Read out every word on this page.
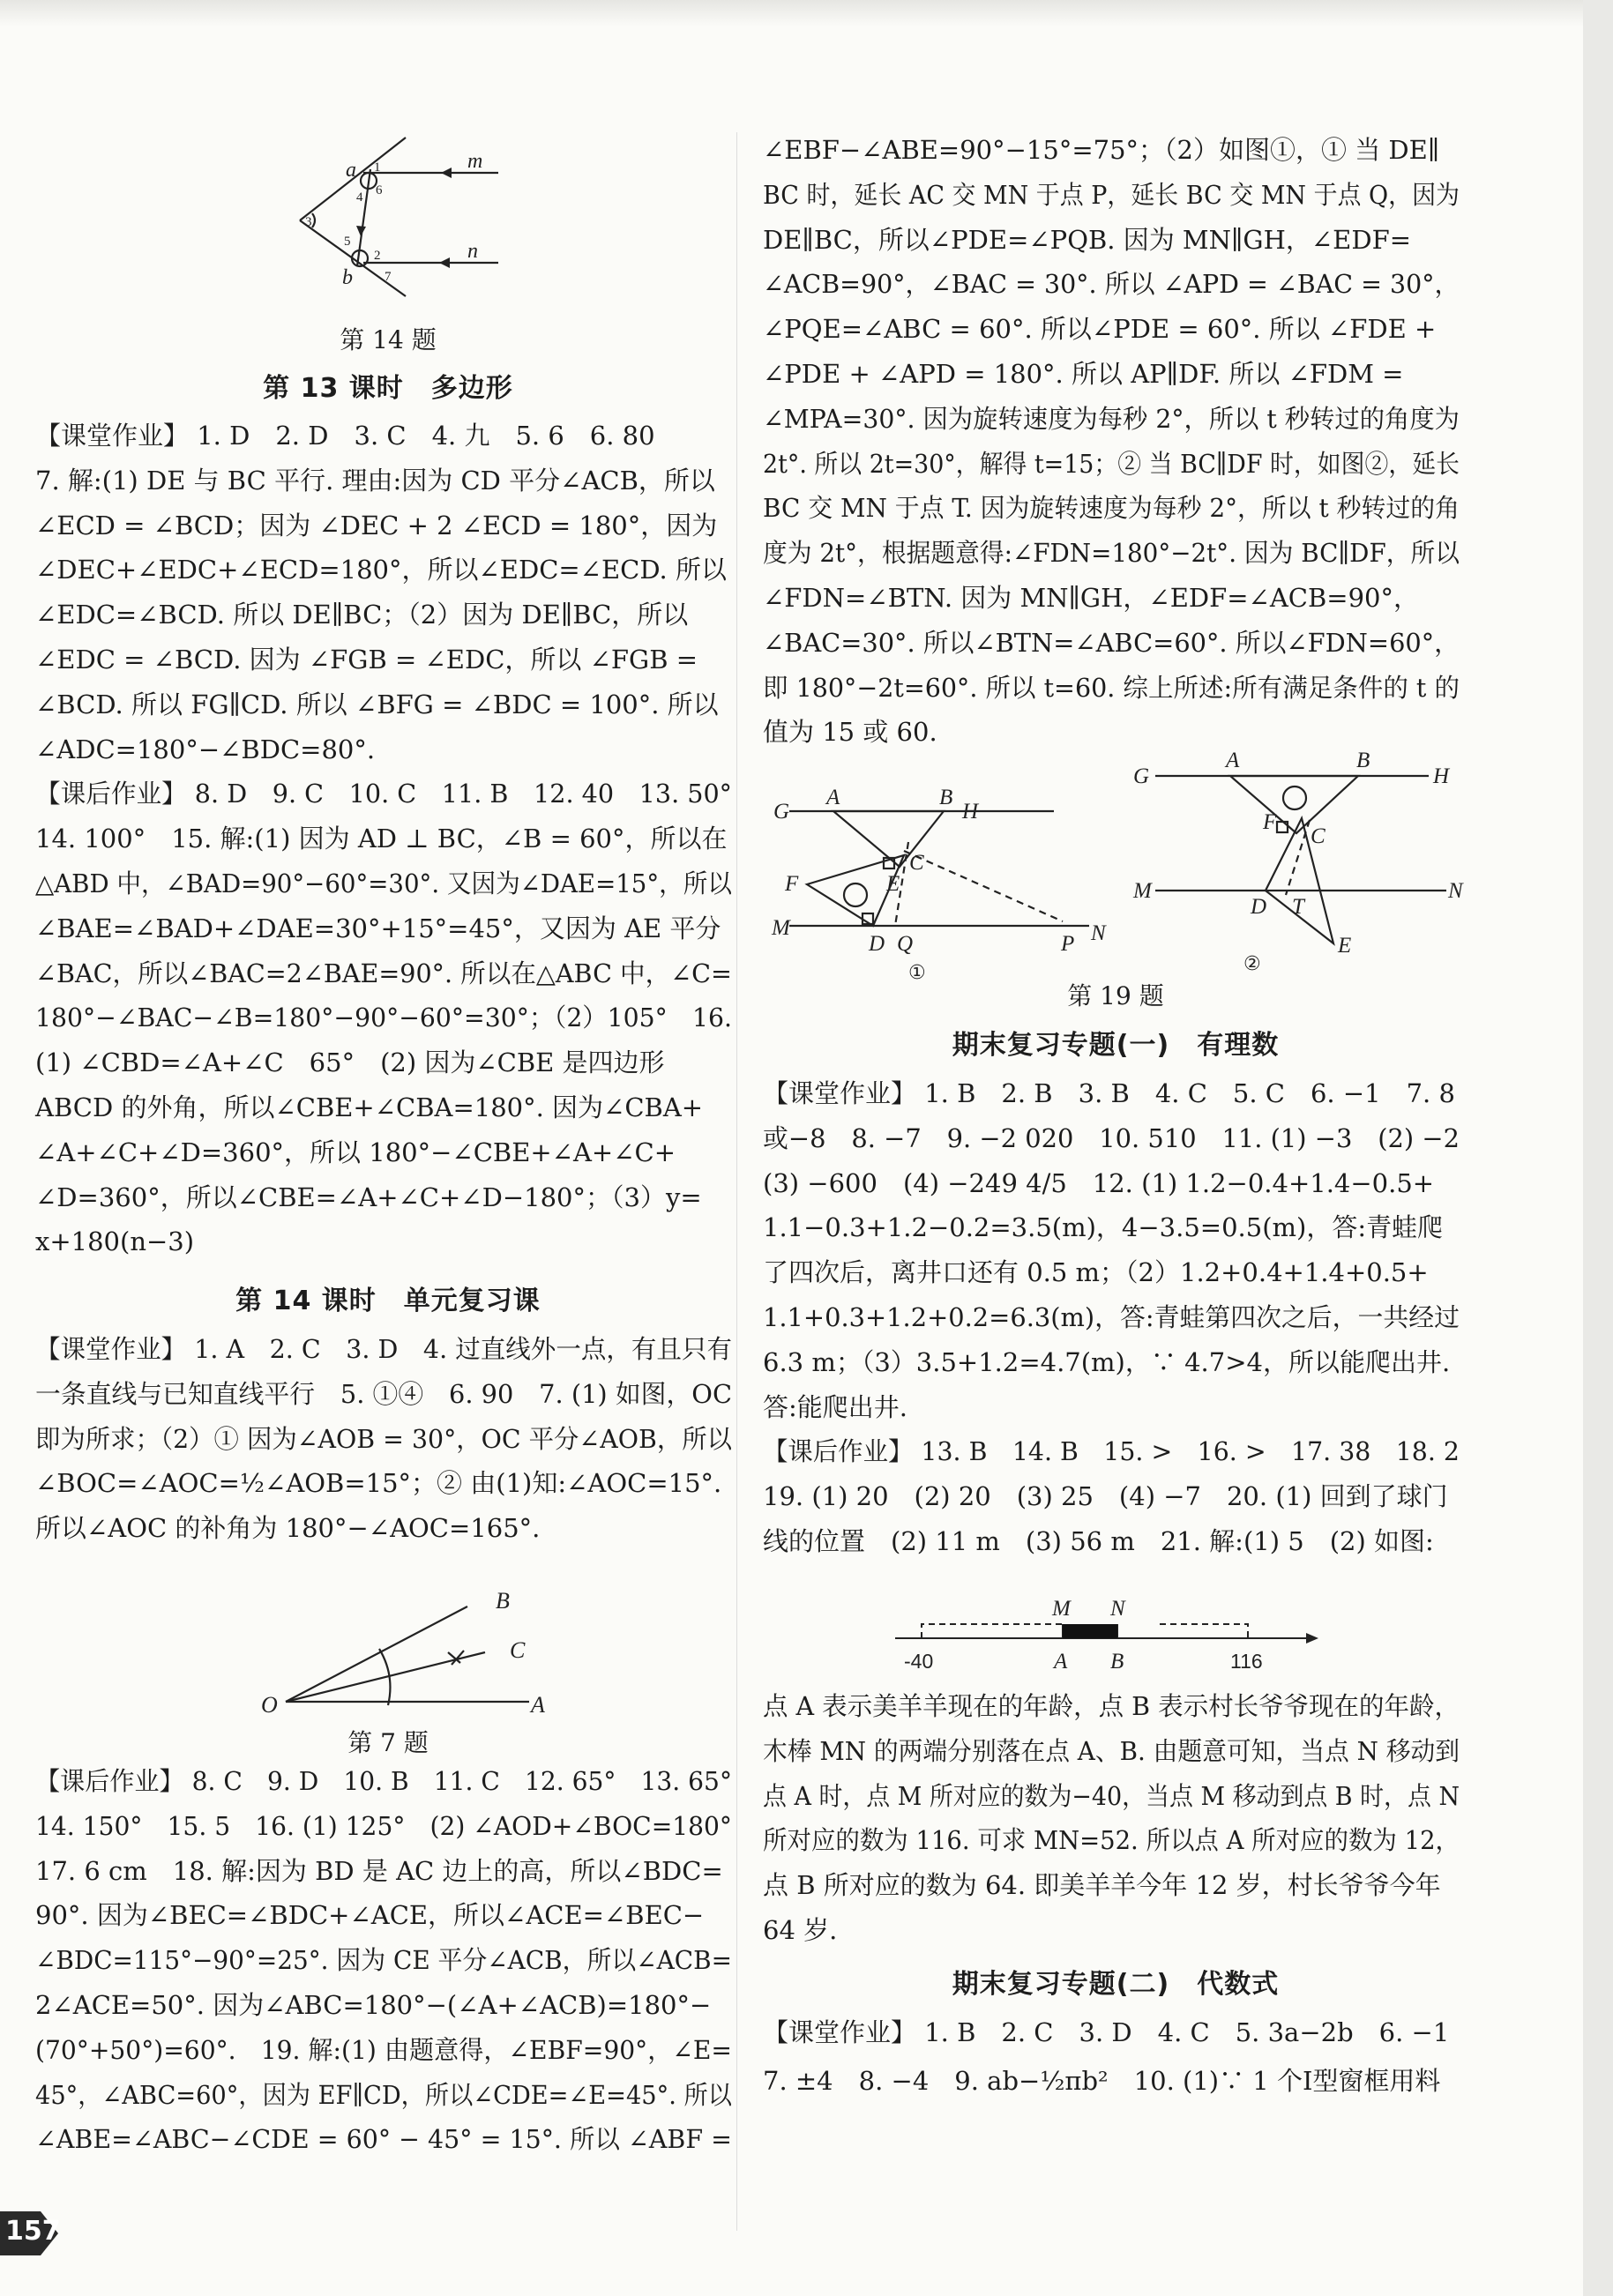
a
b
m
n
1
2
3
4
5
6
7
第 14 题
第 13 课时　多边形
【课堂作业】 1. D　2. D　3. C　4. 九　5. 6　6. 80
7. 解:(1) DE 与 BC 平行. 理由:因为 CD 平分∠ACB，所以
∠ECD = ∠BCD；因为 ∠DEC + 2 ∠ECD = 180°，因为
∠DEC+∠EDC+∠ECD=180°，所以∠EDC=∠ECD. 所以
∠EDC=∠BCD. 所以 DE∥BC；（2）因为 DE∥BC，所以
∠EDC = ∠BCD. 因为 ∠FGB = ∠EDC，所以 ∠FGB =
∠BCD. 所以 FG∥CD. 所以 ∠BFG = ∠BDC = 100°. 所以
∠ADC=180°−∠BDC=80°.
【课后作业】 8. D　9. C　10. C　11. B　12. 40　13. 50°
14. 100°　15. 解:(1) 因为 AD ⊥ BC，∠B = 60°，所以在
△ABD 中，∠BAD=90°−60°=30°. 又因为∠DAE=15°，所以
∠BAE=∠BAD+∠DAE=30°+15°=45°，又因为 AE 平分
∠BAC，所以∠BAC=2∠BAE=90°. 所以在△ABC 中，∠C=
180°−∠BAC−∠B=180°−90°−60°=30°；（2）105°　16.
(1) ∠CBD=∠A+∠C　65°　(2) 因为∠CBE 是四边形
ABCD 的外角，所以∠CBE+∠CBA=180°. 因为∠CBA+
∠A+∠C+∠D=360°，所以 180°−∠CBE+∠A+∠C+
∠D=360°，所以∠CBE=∠A+∠C+∠D−180°；（3）y=
x+180(n−3)
第 14 课时　单元复习课
【课堂作业】 1. A　2. C　3. D　4. 过直线外一点，有且只有
一条直线与已知直线平行　5. ①④　6. 90　7. (1) 如图，OC
即为所求；（2）① 因为∠AOB = 30°，OC 平分∠AOB，所以
∠BOC=∠AOC=½∠AOB=15°；② 由(1)知:∠AOC=15°.
所以∠AOC 的补角为 180°−∠AOC=165°.
B
C
O	A
第 7 题
【课后作业】 8. C　9. D　10. B　11. C　12. 65°　13. 65°
14. 150°　15. 5　16. (1) 125°　(2) ∠AOD+∠BOC=180°
17. 6 cm　18. 解:因为 BD 是 AC 边上的高，所以∠BDC=
90°. 因为∠BEC=∠BDC+∠ACE，所以∠ACE=∠BEC−
∠BDC=115°−90°=25°. 因为 CE 平分∠ACB，所以∠ACB=
2∠ACE=50°. 因为∠ABC=180°−(∠A+∠ACB)=180°−
(70°+50°)=60°.　19. 解:(1) 由题意得，∠EBF=90°，∠E=
45°，∠ABC=60°，因为 EF∥CD，所以∠CDE=∠E=45°. 所以
∠ABE=∠ABC−∠CDE = 60° − 45° = 15°. 所以 ∠ABF =
∠EBF−∠ABE=90°−15°=75°；（2）如图①，① 当 DE∥
BC 时，延长 AC 交 MN 于点 P，延长 BC 交 MN 于点 Q，因为
DE∥BC，所以∠PDE=∠PQB. 因为 MN∥GH，∠EDF=
∠ACB=90°，∠BAC = 30°. 所以 ∠APD = ∠BAC = 30°，
∠PQE=∠ABC = 60°. 所以∠PDE = 60°. 所以 ∠FDE +
∠PDE + ∠APD = 180°. 所以 AP∥DF. 所以 ∠FDM =
∠MPA=30°. 因为旋转速度为每秒 2°，所以 t 秒转过的角度为
2t°. 所以 2t=30°，解得 t=15；② 当 BC∥DF 时，如图②，延长
BC 交 MN 于点 T. 因为旋转速度为每秒 2°，所以 t 秒转过的角
度为 2t°，根据题意得:∠FDN=180°−2t°. 因为 BC∥DF，所以
∠FDN=∠BTN. 因为 MN∥GH，∠EDF=∠ACB=90°，
∠BAC=30°. 所以∠BTN=∠ABC=60°. 所以∠FDN=60°，
即 180°−2t=60°. 所以 t=60. 综上所述:所有满足条件的 t 的
值为 15 或 60.
G
A	B
H
F	E
C
M
D Q	P N
①
G
A	B
H
F
C
M	N
D T
E
②
第 19 题
期末复习专题(一)　有理数
【课堂作业】 1. B　2. B　3. B　4. C　5. C　6. −1　7. 8
或−8　8. −7　9. −2 020　10. 510　11. (1) −3　(2) −2
(3) −600　(4) −249 4/5　12. (1) 1.2−0.4+1.4−0.5+
1.1−0.3+1.2−0.2=3.5(m)，4−3.5=0.5(m)，答:青蛙爬
了四次后，离井口还有 0.5 m；（2）1.2+0.4+1.4+0.5+
1.1+0.3+1.2+0.2=6.3(m)，答:青蛙第四次之后，一共经过
6.3 m；（3）3.5+1.2=4.7(m)，∵ 4.7>4，所以能爬出井.
答:能爬出井.
【课后作业】 13. B　14. B　15. >　16. >　17. 38　18. 2
19. (1) 20　(2) 20　(3) 25　(4) −7　20. (1) 回到了球门
线的位置　(2) 11 m　(3) 56 m　21. 解:(1) 5　(2) 如图:
M N
A B
-40	116
点 A 表示美羊羊现在的年龄，点 B 表示村长爷爷现在的年龄，
木棒 MN 的两端分别落在点 A、B. 由题意可知，当点 N 移动到
点 A 时，点 M 所对应的数为−40，当点 M 移动到点 B 时，点 N
所对应的数为 116. 可求 MN=52. 所以点 A 所对应的数为 12，
点 B 所对应的数为 64. 即美羊羊今年 12 岁，村长爷爷今年
64 岁.
期末复习专题(二)　代数式
【课堂作业】 1. B　2. C　3. D　4. C　5. 3a−2b　6. −1
7. ±4　8. −4　9. ab−½πb²　10. (1)∵ 1 个Ⅰ型窗框用料
157
